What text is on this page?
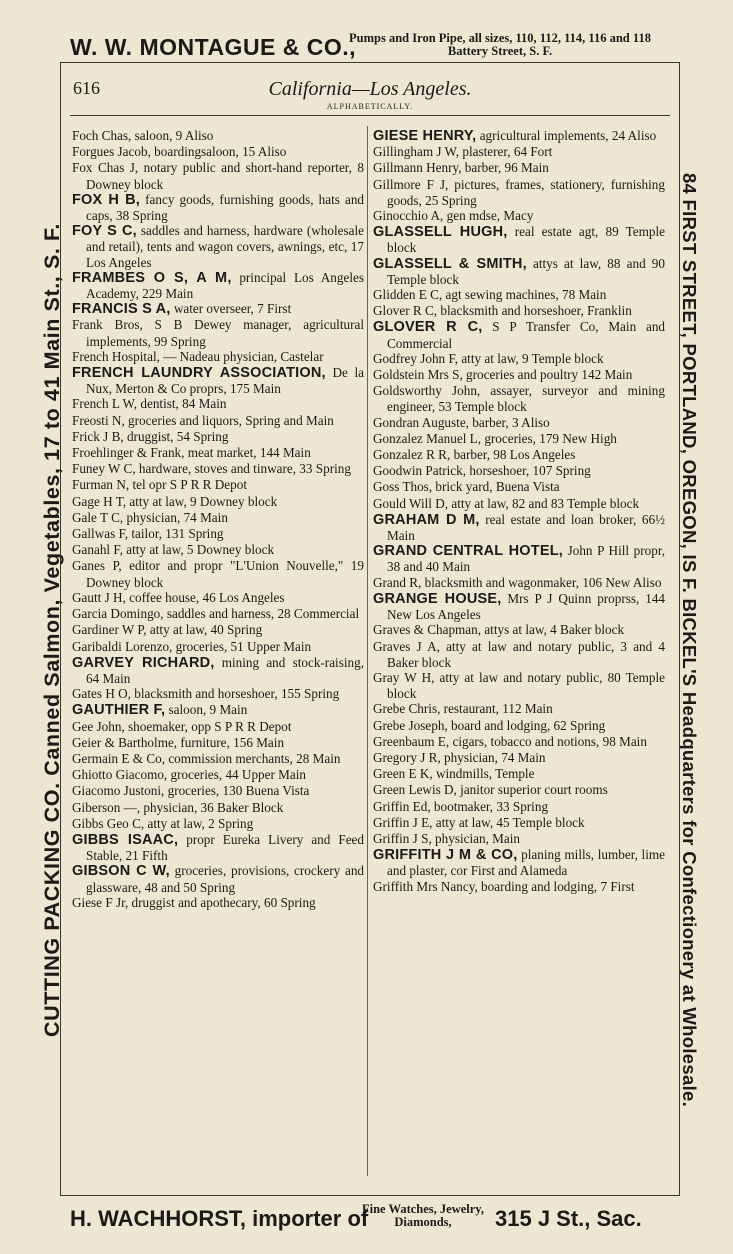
W. W. MONTAGUE & CO.,
Pumps and Iron Pipe, all sizes, 110, 112, 114, 116 and 118 Battery Street, S. F.
CUTTING PACKING CO. Canned Salmon, Vegetables, 17 to 41 Main St., S. F.	84 FIRST STREET, PORTLAND, OREGON, IS F. BICKEL'S Headquarters for Confectionery at Wholesale.
616	California—Los Angeles.
ALPHABETICALLY.
Foch Chas, saloon, 9 Aliso
Forgues Jacob, boardingsaloon, 15 Aliso
Fox Chas J, notary public and short-hand reporter, 8 Downey block
FOX H B, fancy goods, furnishing goods, hats and caps, 38 Spring
FOY S C, saddles and harness, hardware (wholesale and retail), tents and wagon covers, awnings, etc, 17 Los Angeles
FRAMBES O S, A M, principal Los Angeles Academy, 229 Main
FRANCIS S A, water overseer, 7 First
Frank Bros, S B Dewey manager, agricultural implements, 99 Spring
French Hospital, — Nadeau physician, Castelar
FRENCH LAUNDRY ASSOCIATION, De la Nux, Merton & Co proprs, 175 Main
French L W, dentist, 84 Main
Freosti N, groceries and liquors, Spring and Main
Frick J B, druggist, 54 Spring
Froehlinger & Frank, meat market, 144 Main
Funey W C, hardware, stoves and tinware, 33 Spring
Furman N, tel opr S P R R Depot
Gage H T, atty at law, 9 Downey block
Gale T C, physician, 74 Main
Gallwas F, tailor, 131 Spring
Ganahl F, atty at law, 5 Downey block
Ganes P, editor and propr "L'Union Nouvelle," 19 Downey block
Gautt J H, coffee house, 46 Los Angeles
Garcia Domingo, saddles and harness, 28 Commercial
Gardiner W P, atty at law, 40 Spring
Garibaldi Lorenzo, groceries, 51 Upper Main
GARVEY RICHARD, mining and stock-raising, 64 Main
Gates H O, blacksmith and horseshoer, 155 Spring
GAUTHIER F, saloon, 9 Main
Gee John, shoemaker, opp S P R R Depot
Geier & Bartholme, furniture, 156 Main
Germain E & Co, commission merchants, 28 Main
Ghiotto Giacomo, groceries, 44 Upper Main
Giacomo Justoni, groceries, 130 Buena Vista
Giberson —, physician, 36 Baker Block
Gibbs Geo C, atty at law, 2 Spring
GIBBS ISAAC, propr Eureka Livery and Feed Stable, 21 Fifth
GIBSON C W, groceries, provisions, crockery and glassware, 48 and 50 Spring
Giese F Jr, druggist and apothecary, 60 Spring
GIESE HENRY, agricultural implements, 24 Aliso
Gillingham J W, plasterer, 64 Fort
Gillmann Henry, barber, 96 Main
Gillmore F J, pictures, frames, stationery, furnishing goods, 25 Spring
Ginocchio A, gen mdse, Macy
GLASSELL HUGH, real estate agt, 89 Temple block
GLASSELL & SMITH, attys at law, 88 and 90 Temple block
Glidden E C, agt sewing machines, 78 Main
Glover R C, blacksmith and horseshoer, Franklin
GLOVER R C, S P Transfer Co, Main and Commercial
Godfrey John F, atty at law, 9 Temple block
Goldstein Mrs S, groceries and poultry 142 Main
Goldsworthy John, assayer, surveyor and mining engineer, 53 Temple block
Gondran Auguste, barber, 3 Aliso
Gonzalez Manuel L, groceries, 179 New High
Gonzalez R R, barber, 98 Los Angeles
Goodwin Patrick, horseshoer, 107 Spring
Goss Thos, brick yard, Buena Vista
Gould Will D, atty at law, 82 and 83 Temple block
GRAHAM D M, real estate and loan broker, 66½ Main
GRAND CENTRAL HOTEL, John P Hill propr, 38 and 40 Main
Grand R, blacksmith and wagonmaker, 106 New Aliso
GRANGE HOUSE, Mrs P J Quinn proprss, 144 New Los Angeles
Graves & Chapman, attys at law, 4 Baker block
Graves J A, atty at law and notary public, 3 and 4 Baker block
Gray W H, atty at law and notary public, 80 Temple block
Grebe Chris, restaurant, 112 Main
Grebe Joseph, board and lodging, 62 Spring
Greenbaum E, cigars, tobacco and notions, 98 Main
Gregory J R, physician, 74 Main
Green E K, windmills, Temple
Green Lewis D, janitor superior court rooms
Griffin Ed, bootmaker, 33 Spring
Griffin J E, atty at law, 45 Temple block
Griffin J S, physician, Main
GRIFFITH J M & CO, planing mills, lumber, lime and plaster, cor First and Alameda
Griffith Mrs Nancy, boarding and lodging, 7 First
H. WACHHORST, importer of
Fine Watches, Jewelry, Diamonds,	315 J St., Sac.
